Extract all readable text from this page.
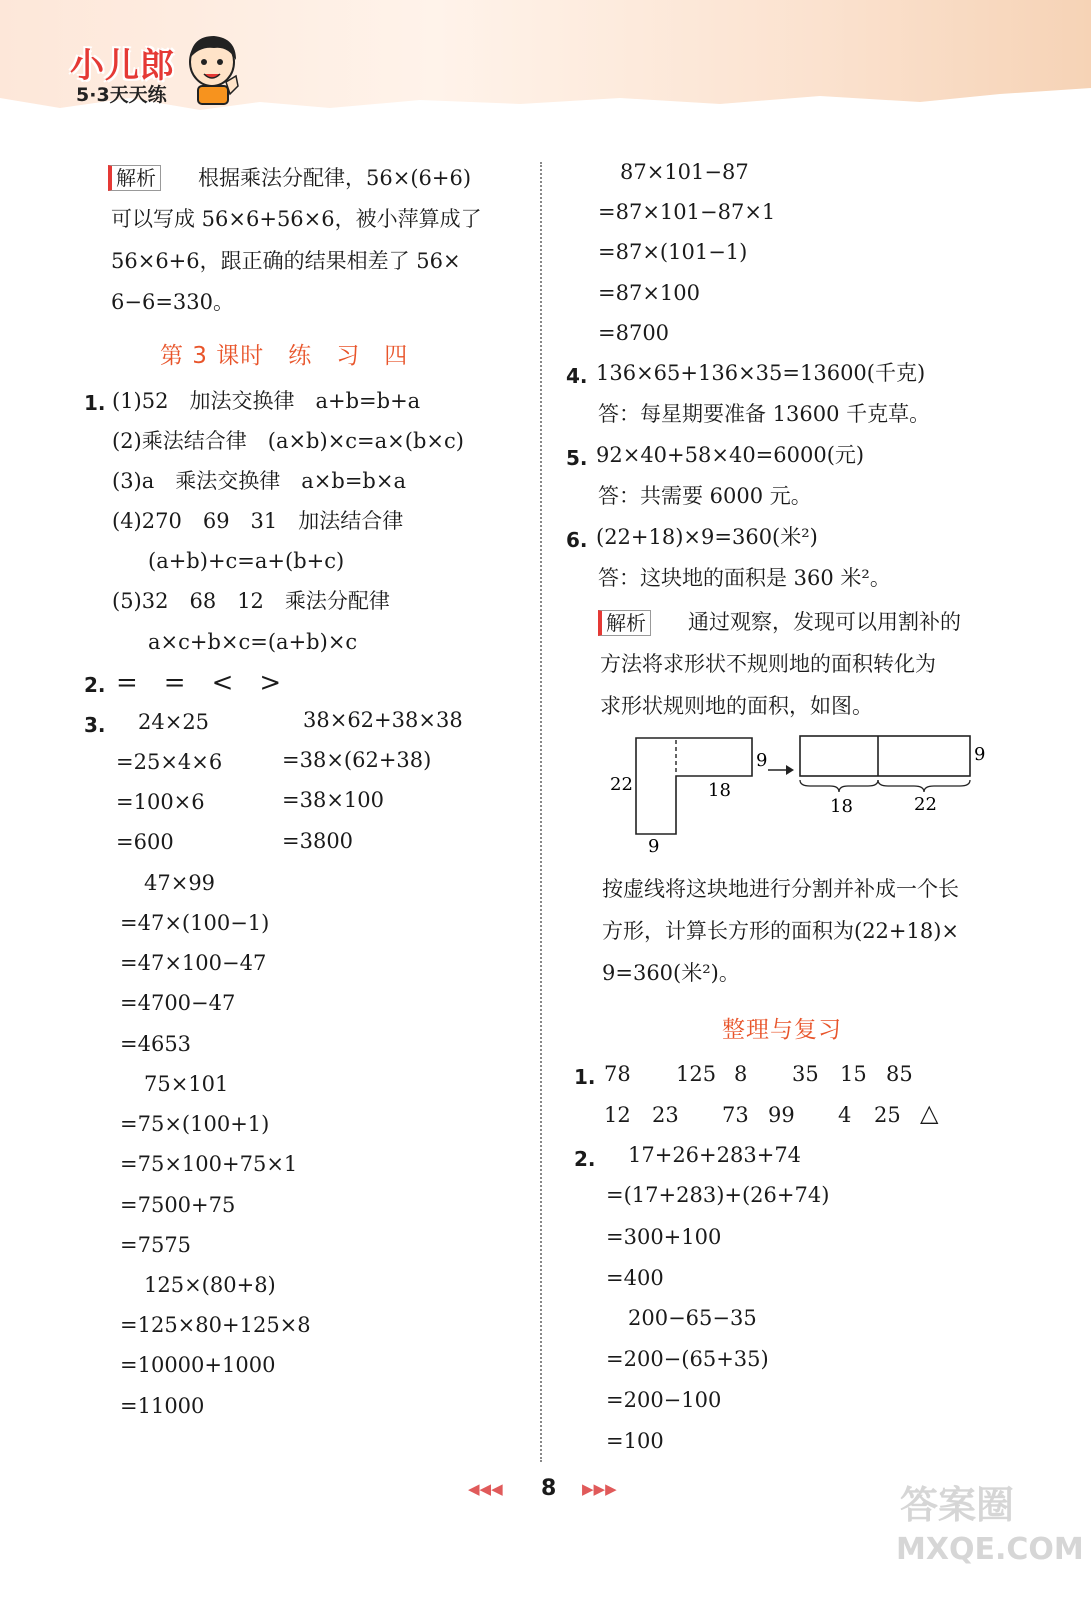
小儿郎
5·3天天练
解析 根据乘法分配律，56×(6+6)
可以写成 56×6+56×6，被小萍算成了
56×6+6，跟正确的结果相差了 56×
6−6=330。
第 3 课时　练　习　四
1. (1)52　加法交换律　a+b=b+a
(2)乘法结合律　(a×b)×c=a×(b×c)
(3)a　乘法交换律　a×b=b×a
(4)270　69　31　加法结合律
(a+b)+c=a+(b+c)
(5)32　68　12　乘法分配律
a×c+b×c=(a+b)×c
2. =　=　<　>
3. 24×25
=25×4×6
=100×6
=600
38×62+38×38
=38×(62+38)
=38×100
=3800
47×99
=47×(100−1)
=47×100−47
=4700−47
=4653
75×101
=75×(100+1)
=75×100+75×1
=7500+75
=7575
125×(80+8)
=125×80+125×8
=10000+1000
=11000
87×101−87
=87×101−87×1
=87×(101−1)
=87×100
=8700
4. 136×65+136×35=13600(千克)
答：每星期要准备 13600 千克草。
5. 92×40+58×40=6000(元)
答：共需要 6000 元。
6. (22+18)×9=360(米²)
答：这块地的面积是 360 米²。
解析 通过观察，发现可以用割补的
方法将求形状不规则地的面积转化为
求形状规则地的面积，如图。
22	18
9
9
9
18	22
按虚线将这块地进行分割并补成一个长
方形，计算长方形的面积为(22+18)×
9=360(米²)。
整理与复习
1. 78 125 8 35 15 85
12 23 73 99 4 25 △
2. 17+26+283+74
=(17+283)+(26+74)
=300+100
=400
200−65−35
=200−(65+35)
=200−100
=100
◀◀◀ 8 ▶▶▶	答案圈
MXQE.COM
